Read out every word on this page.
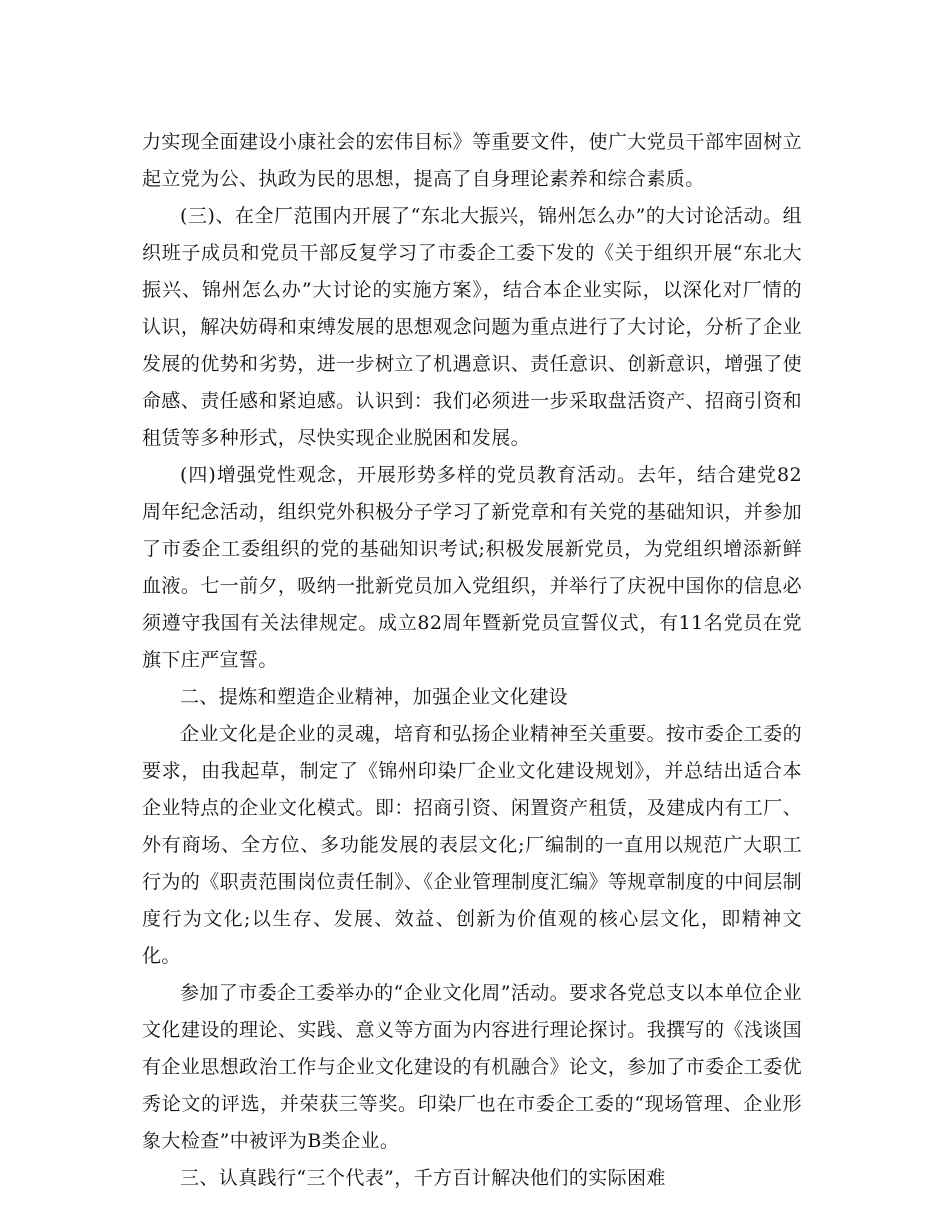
力实现全面建设小康社会的宏伟目标》等重要文件，使广大党员干部牢固树立起立党为公、执政为民的思想，提高了自身理论素养和综合素质。

(三)、在全厂范围内开展了“东北大振兴，锦州怎么办”的大讨论活动。组织班子成员和党员干部反复学习了市委企工委下发的《关于组织开展“东北大振兴、锦州怎么办”大讨论的实施方案》，结合本企业实际，以深化对厂情的认识，解决妨碍和束缚发展的思想观念问题为重点进行了大讨论，分析了企业发展的优势和劣势，进一步树立了机遇意识、责任意识、创新意识，增强了使命感、责任感和紧迫感。认识到：我们必须进一步采取盘活资产、招商引资和租赁等多种形式，尽快实现企业脱困和发展。

(四)增强党性观念，开展形势多样的党员教育活动。去年，结合建党82周年纪念活动，组织党外积极分子学习了新党章和有关党的基础知识，并参加了市委企工委组织的党的基础知识考试;积极发展新党员，为党组织增添新鲜血液。七一前夕，吸纳一批新党员加入党组织，并举行了庆祝中国你的信息必须遵守我国有关法律规定。成立82周年暨新党员宣誓仪式，有11名党员在党旗下庄严宣誓。

二、提炼和塑造企业精神，加强企业文化建设

企业文化是企业的灵魂，培育和弘扬企业精神至关重要。按市委企工委的要求，由我起草，制定了《锦州印染厂企业文化建设规划》，并总结出适合本企业特点的企业文化模式。即：招商引资、闲置资产租赁，及建成内有工厂、外有商场、全方位、多功能发展的表层文化;厂编制的一直用以规范广大职工行为的《职责范围岗位责任制》、《企业管理制度汇编》等规章制度的中间层制度行为文化;以生存、发展、效益、创新为价值观的核心层文化，即精神文化。

参加了市委企工委举办的“企业文化周”活动。要求各党总支以本单位企业文化建设的理论、实践、意义等方面为内容进行理论探讨。我撰写的《浅谈国有企业思想政治工作与企业文化建设的有机融合》论文，参加了市委企工委优秀论文的评选，并荣获三等奖。印染厂也在市委企工委的“现场管理、企业形象大检查”中被评为B类企业。

三、认真践行“三个代表”，千方百计解决他们的实际困难
